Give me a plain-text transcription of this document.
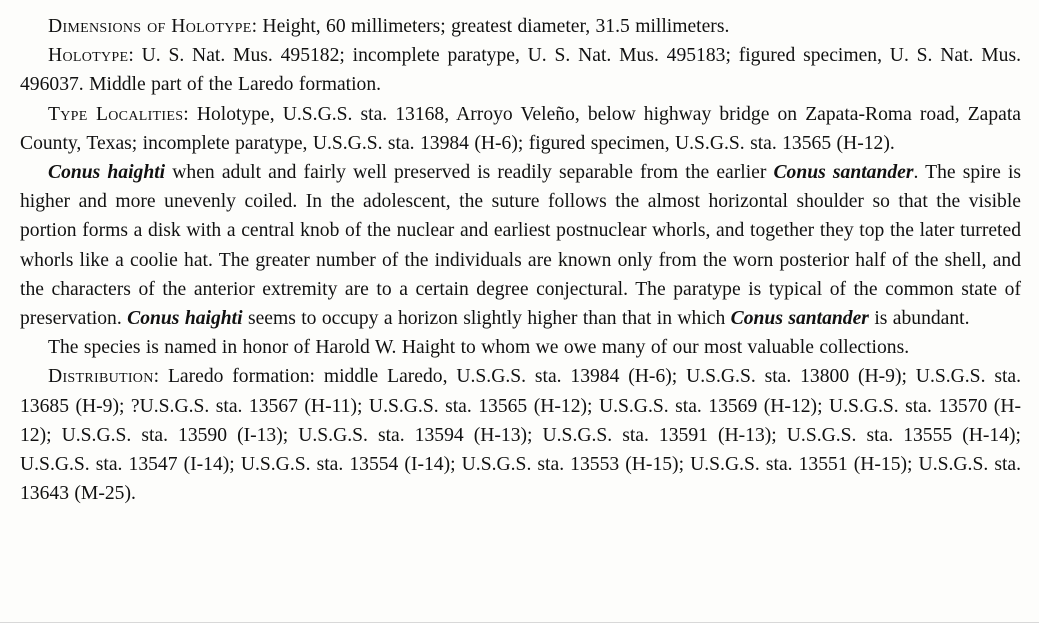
Dimensions of Holotype: Height, 60 millimeters; greatest diameter, 31.5 millimeters.

Holotype: U. S. Nat. Mus. 495182; incomplete paratype, U. S. Nat. Mus. 495183; figured specimen, U. S. Nat. Mus. 496037. Middle part of the Laredo formation.

Type Localities: Holotype, U.S.G.S. sta. 13168, Arroyo Veleño, below highway bridge on Zapata-Roma road, Zapata County, Texas; incomplete paratype, U.S.G.S. sta. 13984 (H-6); figured specimen, U.S.G.S. sta. 13565 (H-12).

Conus haighti when adult and fairly well preserved is readily separable from the earlier Conus santander. The spire is higher and more unevenly coiled. In the adolescent, the suture follows the almost horizontal shoulder so that the visible portion forms a disk with a central knob of the nuclear and earliest postnuclear whorls, and together they top the later turreted whorls like a coolie hat. The greater number of the individuals are known only from the worn posterior half of the shell, and the characters of the anterior extremity are to a certain degree conjectural. The paratype is typical of the common state of preservation. Conus haighti seems to occupy a horizon slightly higher than that in which Conus santander is abundant.

The species is named in honor of Harold W. Haight to whom we owe many of our most valuable collections.

Distribution: Laredo formation: middle Laredo, U.S.G.S. sta. 13984 (H-6); U.S.G.S. sta. 13800 (H-9); U.S.G.S. sta. 13685 (H-9); ?U.S.G.S. sta. 13567 (H-11); U.S.G.S. sta. 13565 (H-12); U.S.G.S. sta. 13569 (H-12); U.S.G.S. sta. 13570 (H-12); U.S.G.S. sta. 13590 (I-13); U.S.G.S. sta. 13594 (H-13); U.S.G.S. sta. 13591 (H-13); U.S.G.S. sta. 13555 (H-14); U.S.G.S. sta. 13547 (I-14); U.S.G.S. sta. 13554 (I-14); U.S.G.S. sta. 13553 (H-15); U.S.G.S. sta. 13551 (H-15); U.S.G.S. sta. 13643 (M-25).
